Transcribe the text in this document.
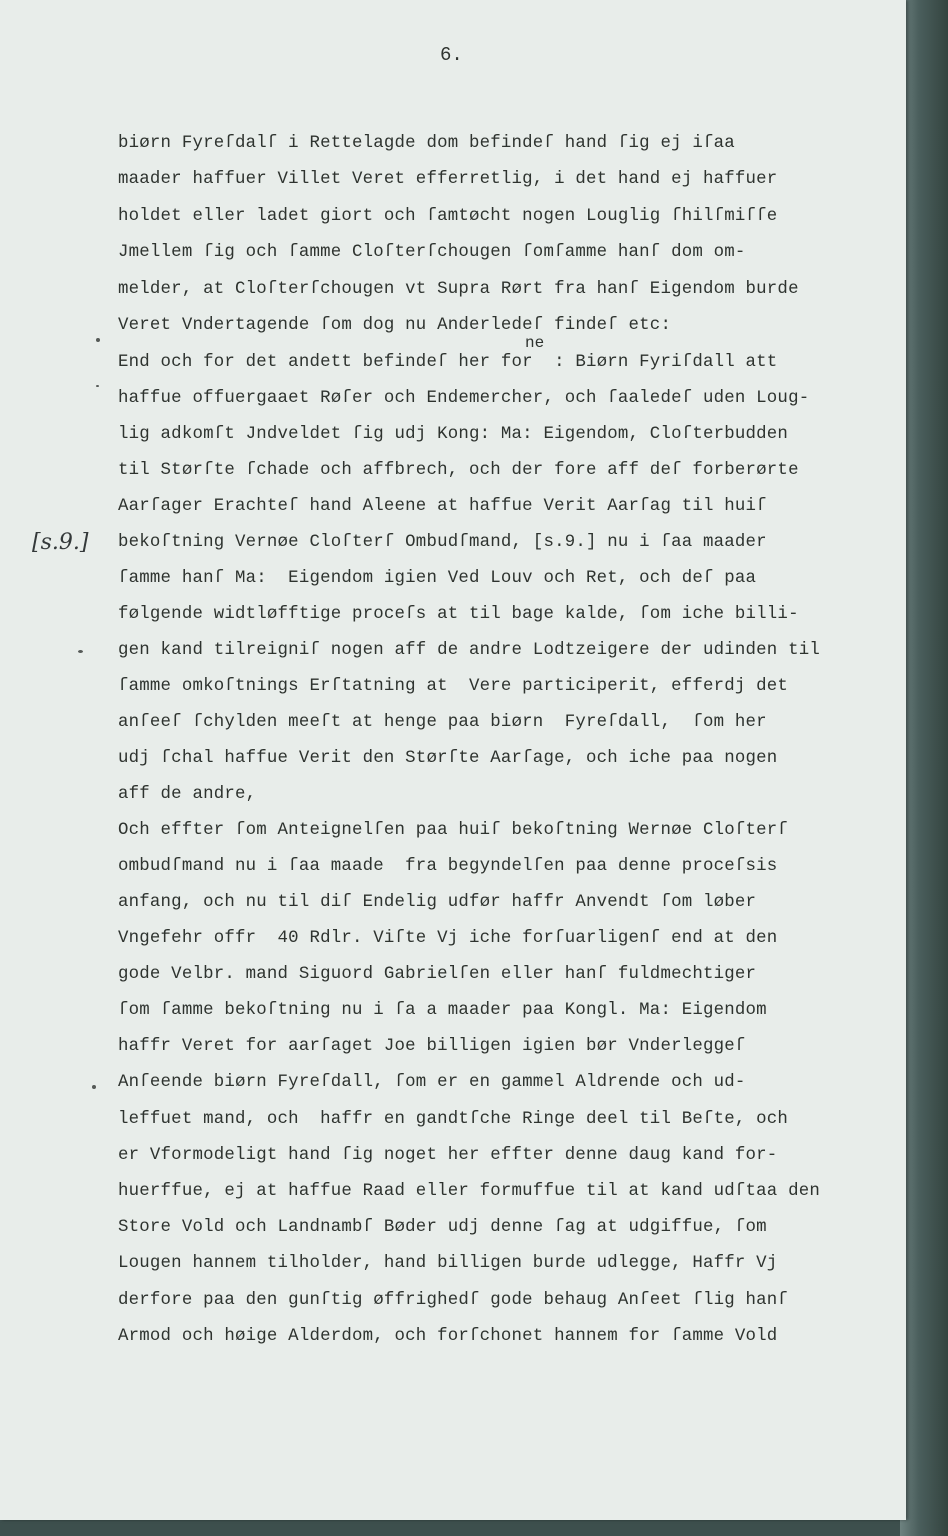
6.
ne
[s.9.]
biørn Fyreſdalſ i Rettelagde dom befindeſ hand ſig ej iſaa
maader haffuer Villet Veret efferretlig, i det hand ej haffuer
holdet eller ladet giort och ſamtøcht nogen Louglig ſhilſmiſſe
Jmellem ſig och ſamme Cloſterſchougen ſomſamme hanſ dom om-
melder, at Cloſterſchougen vt Supra Rørt fra hanſ Eigendom burde
Veret Vndertagende ſom dog nu Anderledeſ findeſ etc:
End och for det andett befindeſ her for  : Biørn Fyriſdall att
haffue offuergaaet Røſer och Endemercher, och ſaaledeſ uden Loug-
lig adkomſt Jndveldet ſig udj Kong: Ma: Eigendom, Cloſterbudden
til Størſte ſchade och affbrech, och der fore aff deſ forberørte
Aarſager Erachteſ hand Aleene at haffue Verit Aarſag til huiſ
bekoſtning Vernøe Cloſterſ Ombudſmand, [s.9.] nu i ſaa maader
ſamme hanſ Ma:  Eigendom igien Ved Louv och Ret, och deſ paa
følgende widtløfftige proceſs at til bage kalde, ſom iche billi-
gen kand tilreigniſ nogen aff de andre Lodtzeigere der udinden til
ſamme omkoſtnings Erſtatning at  Vere participerit, efferdj det
anſeeſ ſchylden meeſt at henge paa biørn  Fyreſdall,  ſom her
udj ſchal haffue Verit den Størſte Aarſage, och iche paa nogen
aff de andre,
Och effter ſom Anteignelſen paa huiſ bekoſtning Wernøe Cloſterſ
ombudſmand nu i ſaa maade  fra begyndelſen paa denne proceſsis
anfang, och nu til diſ Endelig udfør haffr Anvendt ſom løber
Vngefehr offr  40 Rdlr. Viſte Vj iche forſuarligenſ end at den
gode Velbr. mand Siguord Gabrielſen eller hanſ fuldmechtiger
ſom ſamme bekoſtning nu i ſa a maader paa Kongl. Ma: Eigendom
haffr Veret for aarſaget Joe billigen igien bør Vnderleggeſ
Anſeende biørn Fyreſdall, ſom er en gammel Aldrende och ud-
leffuet mand, och  haffr en gandtſche Ringe deel til Beſte, och
er Vformodeligt hand ſig noget her effter denne daug kand for-
huerffue, ej at haffue Raad eller formuffue til at kand udſtaa den
Store Vold och Landnambſ Bøder udj denne ſag at udgiffue, ſom
Lougen hannem tilholder, hand billigen burde udlegge, Haffr Vj
derfore paa den gunſtig øffrighedſ gode behaug Anſeet ſlig hanſ
Armod och høige Alderdom, och forſchonet hannem for ſamme Vold
